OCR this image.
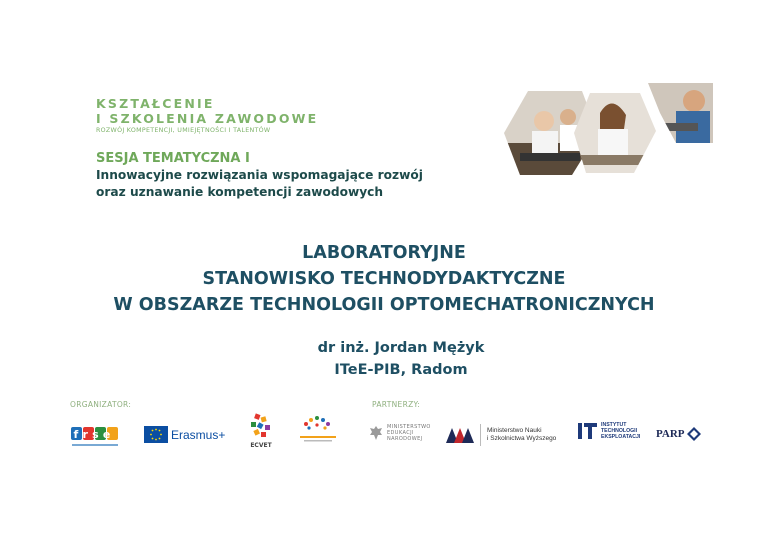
KSZTAŁCENIE
I SZKOLENIA ZAWODOWE
ROZWÓJ KOMPETENCJI, UMIEJĘTNOŚCI I TALENTÓW
SESJA TEMATYCZNA I
Innowacyjne rozwiązania wspomagające rozwój
oraz uznawanie kompetencji zawodowych
LABORATORYJNE
STANOWISKO TECHNODYDAKTYCZNE
W OBSZARZE TECHNOLOGII OPTOMECHATRONICZNYCH
dr inż. Jordan Mężyk
ITeE-PIB, Radom
ORGANIZATOR:	PARTNERZY:
frse	Erasmus+
ECVET
MINISTERSTWO
EDUKACJI
NARODOWEJ
Ministerstwo Nauki
i Szkolnictwa Wyższego
INSTYTUT
TECHNOLOGII
EKSPLOATACJI PARP
